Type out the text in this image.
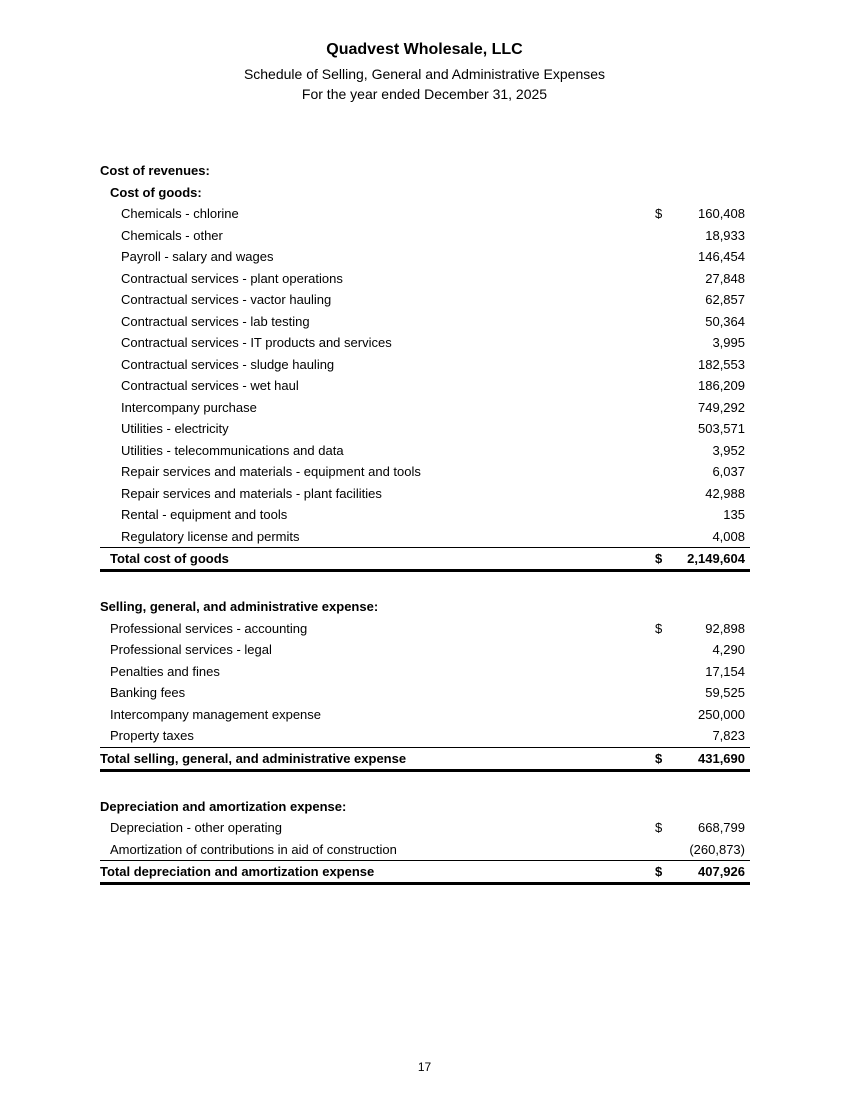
Quadvest Wholesale, LLC
Schedule of Selling, General and Administrative Expenses
For the year ended December 31, 2025
Cost of revenues:
Cost of goods:
Chemicals - chlorine	$	160,408
Chemicals - other	18,933
Payroll - salary and wages	146,454
Contractual services - plant operations	27,848
Contractual services - vactor hauling	62,857
Contractual services - lab testing	50,364
Contractual services - IT products and services	3,995
Contractual services - sludge hauling	182,553
Contractual services - wet haul	186,209
Intercompany purchase	749,292
Utilities - electricity	503,571
Utilities - telecommunications and data	3,952
Repair services and materials - equipment and tools	6,037
Repair services and materials - plant facilities	42,988
Rental - equipment and tools	135
Regulatory license and permits	4,008
Total cost of goods	$ 2,149,604
Selling, general, and administrative expense:
Professional services - accounting	$	92,898
Professional services - legal	4,290
Penalties and fines	17,154
Banking fees	59,525
Intercompany management expense	250,000
Property taxes	7,823
Total selling, general, and administrative expense	$	431,690
Depreciation and amortization expense:
Depreciation - other operating	$	668,799
Amortization of contributions in aid of construction	(260,873)
Total depreciation and amortization expense	$	407,926
17
